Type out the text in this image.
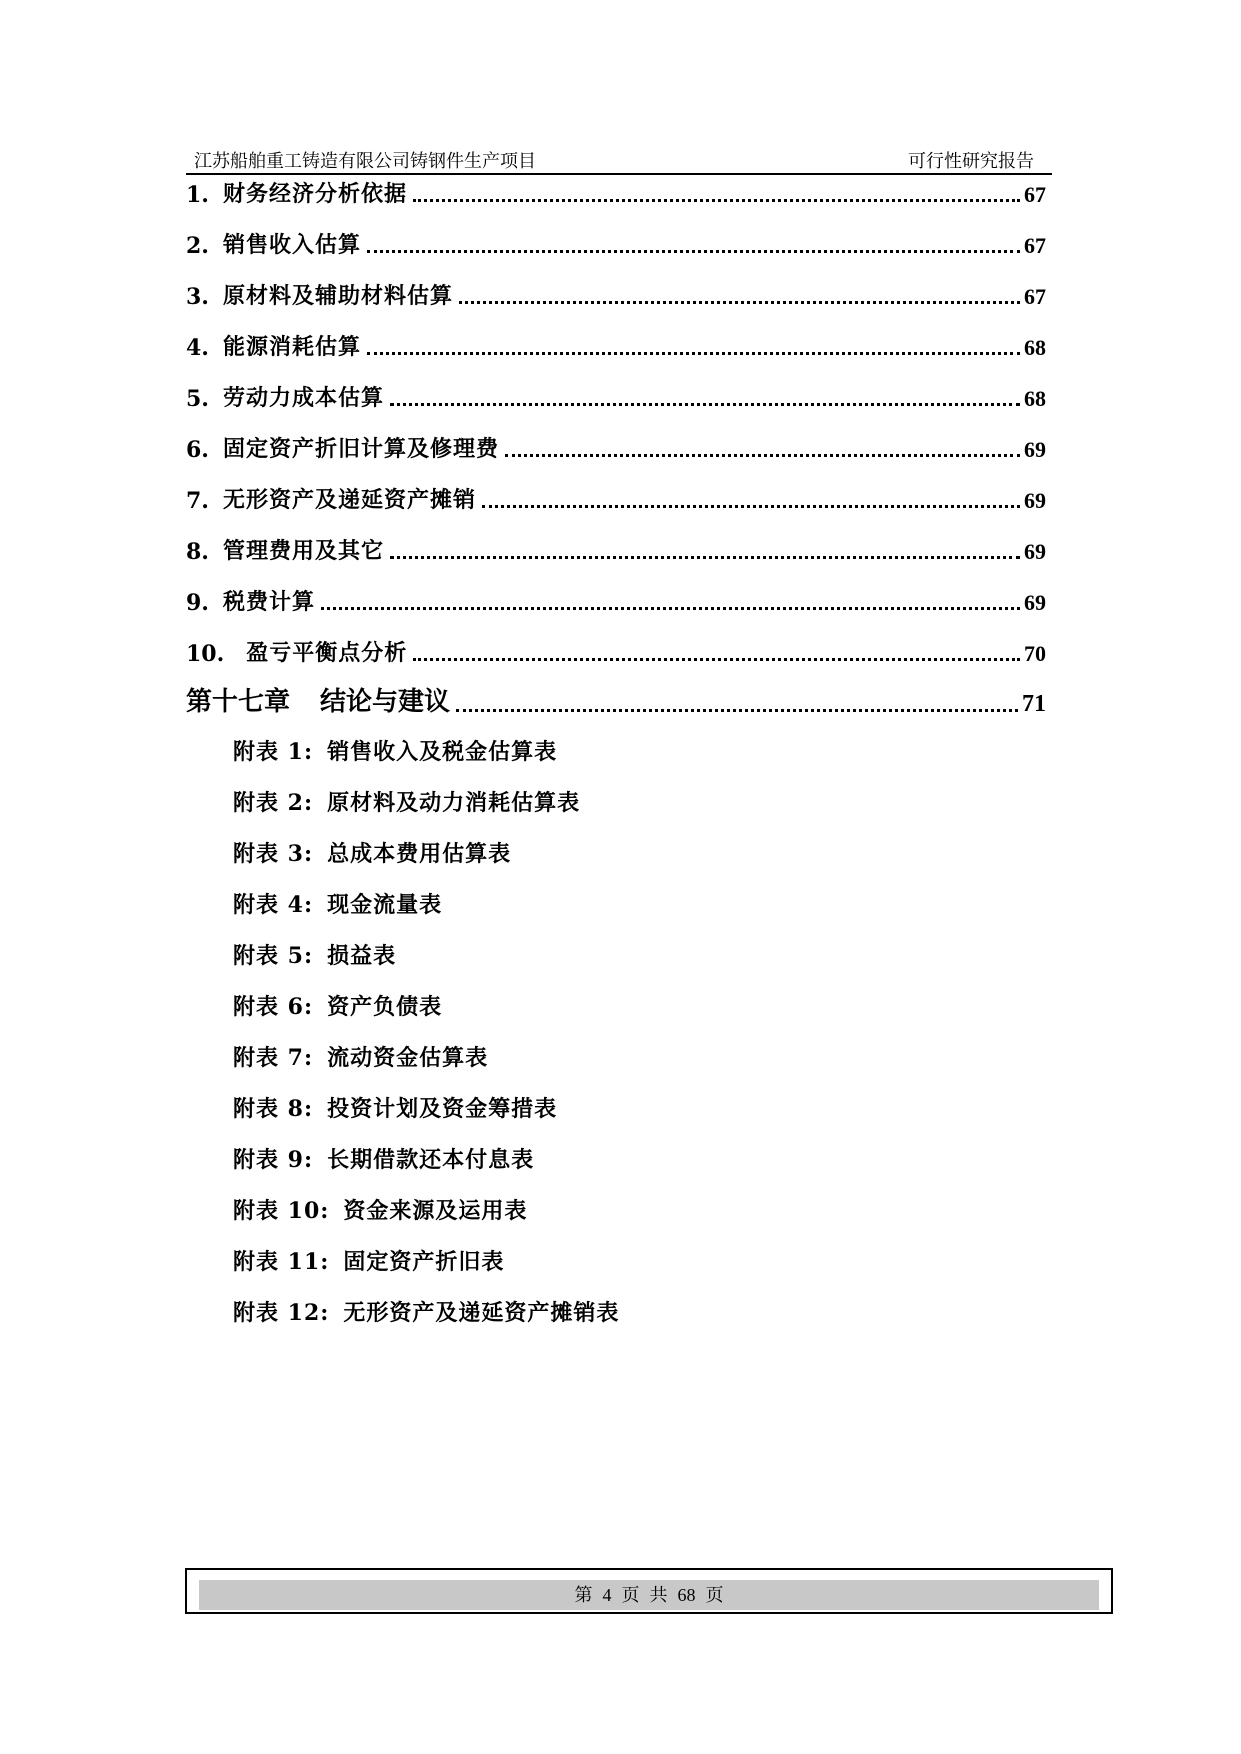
江苏船舶重工铸造有限公司铸钢件生产项目	可行性研究报告
1. 财务经济分析依据	67
2. 销售收入估算	67
3. 原材料及辅助材料估算	67
4. 能源消耗估算	68
5. 劳动力成本估算	68
6. 固定资产折旧计算及修理费	69
7. 无形资产及递延资产摊销	69
8. 管理费用及其它	69
9. 税费计算	69
10. 盈亏平衡点分析	70
第十七章 结论与建议	71
附表 1: 销售收入及税金估算表
附表 2: 原材料及动力消耗估算表
附表 3: 总成本费用估算表
附表 4: 现金流量表
附表 5: 损益表
附表 6: 资产负债表
附表 7: 流动资金估算表
附表 8: 投资计划及资金筹措表
附表 9: 长期借款还本付息表
附表 10: 资金来源及运用表
附表 11: 固定资产折旧表
附表 12: 无形资产及递延资产摊销表
第 4 页 共 68 页
